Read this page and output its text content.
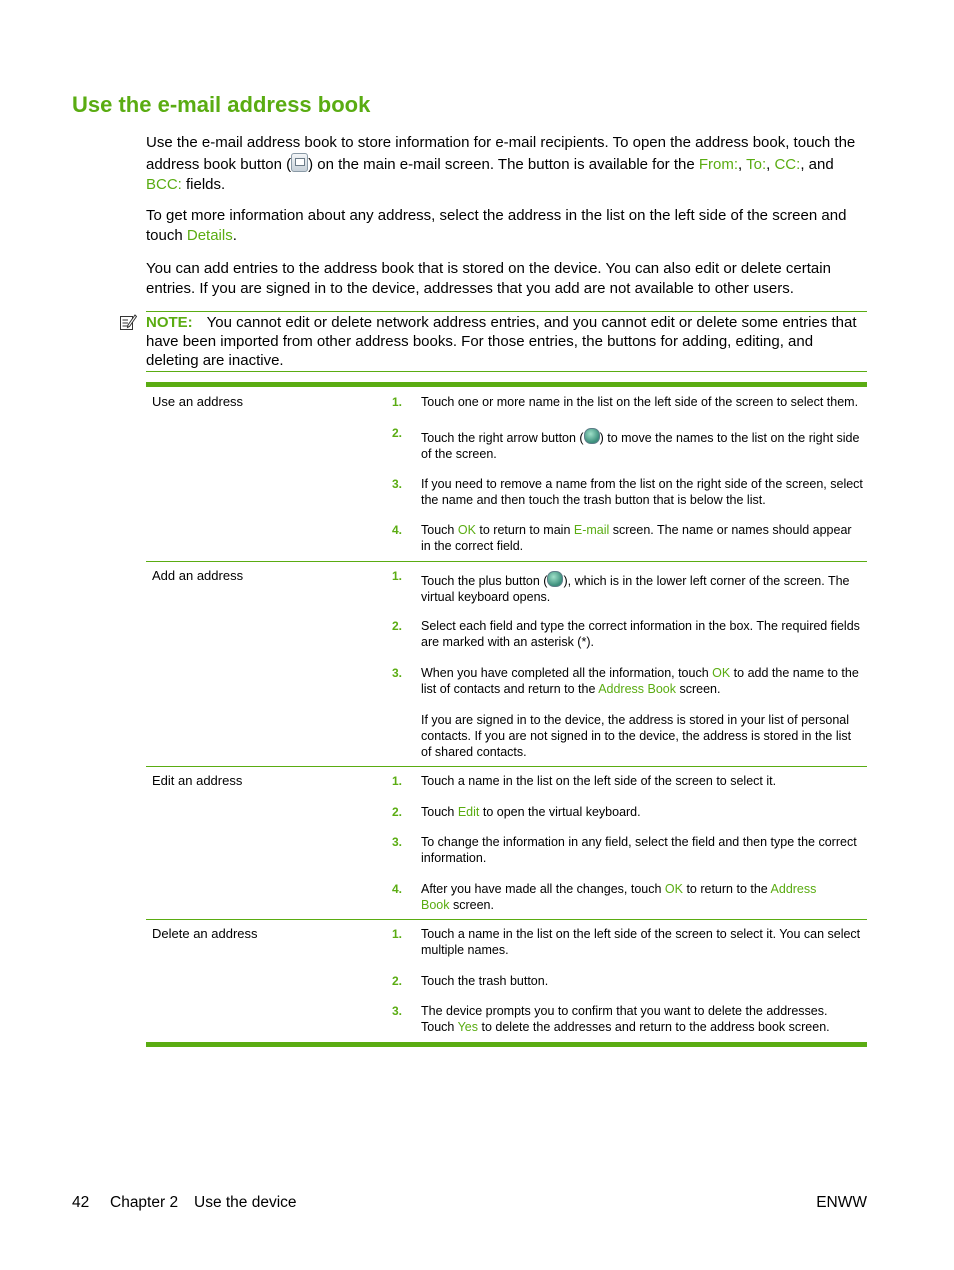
Use the e-mail address book

Use the e-mail address book to store information for e-mail recipients. To open the address book, touch the address book button ( ) on the main e-mail screen. The button is available for the From:, To:, CC:, and BCC: fields.

To get more information about any address, select the address in the list on the left side of the screen and touch Details.

You can add entries to the address book that is stored on the device. You can also edit or delete certain entries. If you are signed in to the device, addresses that you add are not available to other users.

NOTE: You cannot edit or delete network address entries, and you cannot edit or delete some entries that have been imported from other address books. For those entries, the buttons for adding, editing, and deleting are inactive.

Use an address	1. Touch one or more name in the list on the left side of the screen to select them.
2. Touch the right arrow button ( ) to move the names to the list on the right side of the screen.
3. If you need to remove a name from the list on the right side of the screen, select the name and then touch the trash button that is below the list.
4. Touch OK to return to main E-mail screen. The name or names should appear in the correct field.
Add an address	1. Touch the plus button ( ), which is in the lower left corner of the screen. The virtual keyboard opens.
2. Select each field and type the correct information in the box. The required fields are marked with an asterisk (*).
3. When you have completed all the information, touch OK to add the name to the list of contacts and return to the Address Book screen.
If you are signed in to the device, the address is stored in your list of personal contacts. If you are not signed in to the device, the address is stored in the list of shared contacts.
Edit an address	1. Touch a name in the list on the left side of the screen to select it.
2. Touch Edit to open the virtual keyboard.
3. To change the information in any field, select the field and then type the correct information.
4. After you have made all the changes, touch OK to return to the Address Book screen.
Delete an address	1. Touch a name in the list on the left side of the screen to select it. You can select multiple names.
2. Touch the trash button.
3. The device prompts you to confirm that you want to delete the addresses. Touch Yes to delete the addresses and return to the address book screen.
42 Chapter 2 Use the device	ENWW
